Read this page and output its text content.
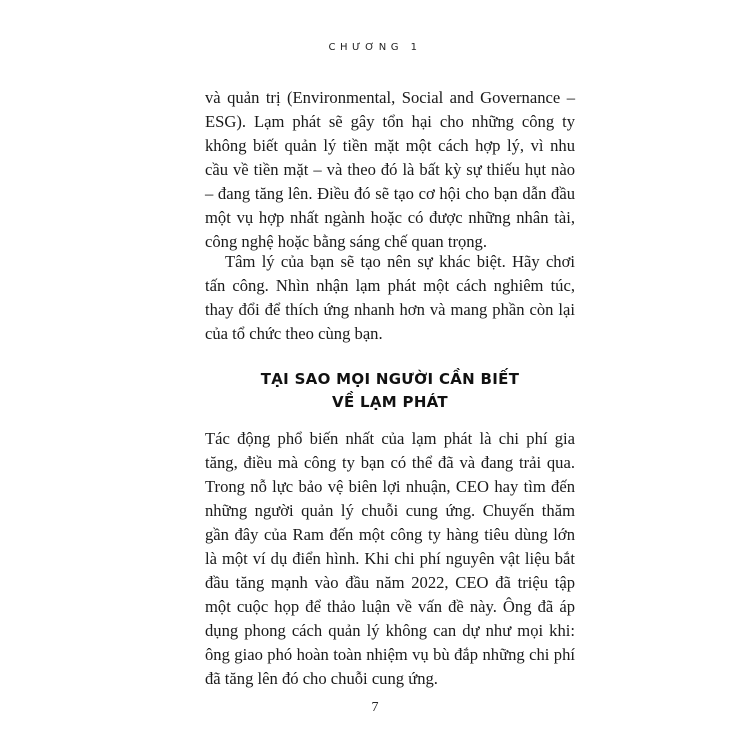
CHƯƠNG 1

và quản trị (Environmental, Social and Governance – ESG). Lạm phát sẽ gây tổn hại cho những công ty không biết quản lý tiền mặt một cách hợp lý, vì nhu cầu về tiền mặt – và theo đó là bất kỳ sự thiếu hụt nào – đang tăng lên. Điều đó sẽ tạo cơ hội cho bạn dẫn đầu một vụ hợp nhất ngành hoặc có được những nhân tài, công nghệ hoặc bằng sáng chế quan trọng.

Tâm lý của bạn sẽ tạo nên sự khác biệt. Hãy chơi tấn công. Nhìn nhận lạm phát một cách nghiêm túc, thay đổi để thích ứng nhanh hơn và mang phần còn lại của tổ chức theo cùng bạn.

TẠI SAO MỌI NGƯỜI CẦN BIẾT
VỀ LẠM PHÁT

Tác động phổ biến nhất của lạm phát là chi phí gia tăng, điều mà công ty bạn có thể đã và đang trải qua. Trong nỗ lực bảo vệ biên lợi nhuận, CEO hay tìm đến những người quản lý chuỗi cung ứng. Chuyến thăm gần đây của Ram đến một công ty hàng tiêu dùng lớn là một ví dụ điển hình. Khi chi phí nguyên vật liệu bắt đầu tăng mạnh vào đầu năm 2022, CEO đã triệu tập một cuộc họp để thảo luận về vấn đề này. Ông đã áp dụng phong cách quản lý không can dự như mọi khi: ông giao phó hoàn toàn nhiệm vụ bù đắp những chi phí đã tăng lên đó cho chuỗi cung ứng.

7
